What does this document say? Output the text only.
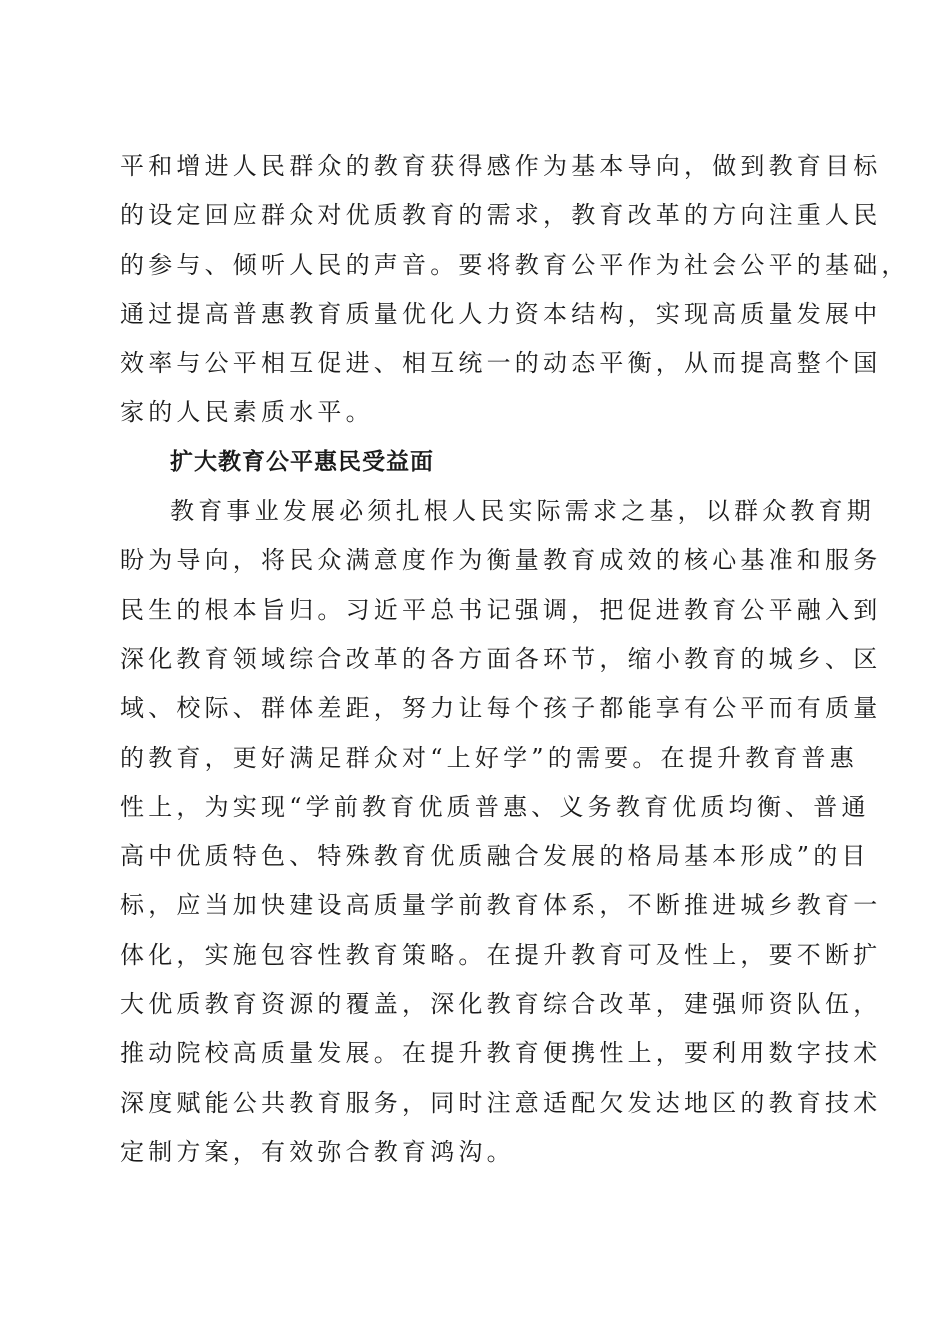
平和增进人民群众的教育获得感作为基本导向，做到教育目标
的设定回应群众对优质教育的需求，教育改革的方向注重人民
的参与、倾听人民的声音。要将教育公平作为社会公平的基础，
通过提高普惠教育质量优化人力资本结构，实现高质量发展中
效率与公平相互促进、相互统一的动态平衡，从而提高整个国
家的人民素质水平。
扩大教育公平惠民受益面
教育事业发展必须扎根人民实际需求之基，以群众教育期
盼为导向，将民众满意度作为衡量教育成效的核心基准和服务
民生的根本旨归。习近平总书记强调，把促进教育公平融入到
深化教育领域综合改革的各方面各环节，缩小教育的城乡、区
域、校际、群体差距，努力让每个孩子都能享有公平而有质量
的教育，更好满足群众对“上好学”的需要。在提升教育普惠
性上，为实现“学前教育优质普惠、义务教育优质均衡、普通
高中优质特色、特殊教育优质融合发展的格局基本形成”的目
标，应当加快建设高质量学前教育体系，不断推进城乡教育一
体化，实施包容性教育策略。在提升教育可及性上，要不断扩
大优质教育资源的覆盖，深化教育综合改革，建强师资队伍，
推动院校高质量发展。在提升教育便携性上，要利用数字技术
深度赋能公共教育服务，同时注意适配欠发达地区的教育技术
定制方案，有效弥合教育鸿沟。
